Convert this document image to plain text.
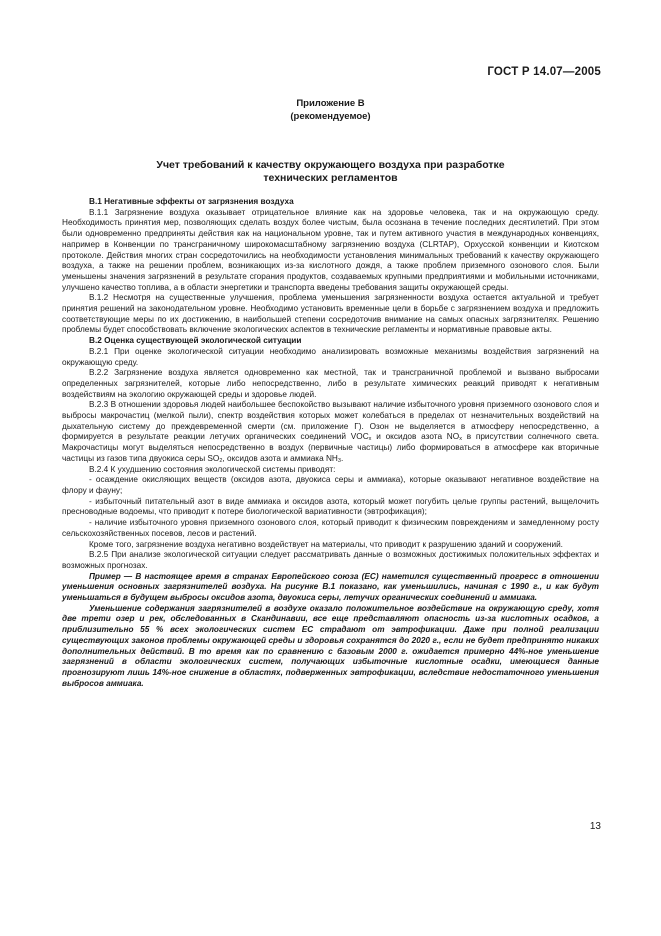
ГОСТ Р 14.07—2005
Приложение В
(рекомендуемое)
Учет требований к качеству окружающего воздуха при разработке
технических регламентов
В.1 Негативные эффекты от загрязнения воздуха

В.1.1 Загрязнение воздуха оказывает отрицательное влияние как на здоровье человека, так и на окружающую среду. Необходимость принятия мер, позволяющих сделать воздух более чистым, была осознана в течение последних десятилетий. При этом были одновременно предприняты действия как на национальном уровне, так и путем активного участия в международных конвенциях, например в Конвенции по трансграничному широкомасштабному загрязнению воздуха (CLRTAP), Орхусской конвенции и Киотском протоколе. Действия многих стран сосредоточились на необходимости установления минимальных требований к качеству окружающего воздуха, а также на решении проблем, возникающих из-за кислотного дождя, а также проблем приземного озонового слоя. Были уменьшены значения загрязнений в результате сгорания продуктов, создаваемых крупными предприятиями и мобильными источниками, улучшено качество топлива, а в области энергетики и транспорта введены требования защиты окружающей среды.

В.1.2 Несмотря на существенные улучшения, проблема уменьшения загрязненности воздуха остается актуальной и требует принятия решений на законодательном уровне. Необходимо установить временные цели в борьбе с загрязнением воздуха и предложить соответствующие меры по их достижению, в наибольшей степени сосредоточив внимание на самых опасных загрязнителях. Решению проблемы будет способствовать включение экологических аспектов в технические регламенты и нормативные правовые акты.

В.2 Оценка существующей экологической ситуации

В.2.1 При оценке экологической ситуации необходимо анализировать возможные механизмы воздействия загрязнений на окружающую среду.

В.2.2 Загрязнение воздуха является одновременно как местной, так и трансграничной проблемой и вызвано выбросами определенных загрязнителей, которые либо непосредственно, либо в результате химических реакций приводят к негативным воздействиям на экологию окружающей среды и здоровье людей.

В.2.3 В отношении здоровья людей наибольшее беспокойство вызывают наличие избыточного уровня приземного озонового слоя и выбросы макрочастиц (мелкой пыли), спектр воздействия которых может колебаться в пределах от незначительных воздействий на дыхательную систему до преждевременной смерти (см. приложение Г). Озон не выделяется в атмосферу непосредственно, а формируется в результате реакции летучих органических соединений $VOC_x$ и оксидов азота $NO_x$ в присутствии солнечного света. Макрочастицы могут выделяться непосредственно в воздух (первичные частицы) либо формироваться в атмосфере как вторичные частицы из газов типа двуокиса серы $SO_2$, оксидов азота и аммиака $NH_3$.

В.2.4 К ухудшению состояния экологической системы приводят:

- осаждение окисляющих веществ (оксидов азота, двуокиса серы и аммиака), которые оказывают негативное воздействие на флору и фауну;

- избыточный питательный азот в виде аммиака и оксидов азота, который может погубить целые группы растений, выщелочить пресноводные водоемы, что приводит к потере биологической вариативности (эвтрофикация);

- наличие избыточного уровня приземного озонового слоя, который приводит к физическим повреждениям и замедленному росту сельскохозяйственных посевов, лесов и растений.

Кроме того, загрязнение воздуха негативно воздействует на материалы, что приводит к разрушению зданий и сооружений.

В.2.5 При анализе экологической ситуации следует рассматривать данные о возможных достижимых положительных эффектах и возможных прогнозах.

Пример — В настоящее время в странах Европейского союза (ЕС) наметился существенный прогресс в отношении уменьшения основных загрязнителей воздуха. На рисунке В.1 показано, как уменьшились, начиная с 1990 г., и как будут уменьшаться в будущем выбросы оксидов азота, двуокиса серы, летучих органических соединений и аммиака.

Уменьшение содержания загрязнителей в воздухе оказало положительное воздействие на окружающую среду, хотя две трети озер и рек, обследованных в Скандинавии, все еще представляют опасность из-за кислотных осадков, а приблизительно 55 % всех экологических систем ЕС страдают от эвтрофикации. Даже при полной реализации существующих законов проблемы окружающей среды и здоровья сохранятся до 2020 г., если не будет предпринято никаких дополнительных действий. В то время как по сравнению с базовым 2000 г. ожидается примерно 44%-ное уменьшение загрязнений в области экологических систем, получающих избыточные кислотные осадки, имеющиеся данные прогнозируют лишь 14%-ное снижение в областях, подверженных эвтрофикации, вследствие недостаточного уменьшения выбросов аммиака.

13
